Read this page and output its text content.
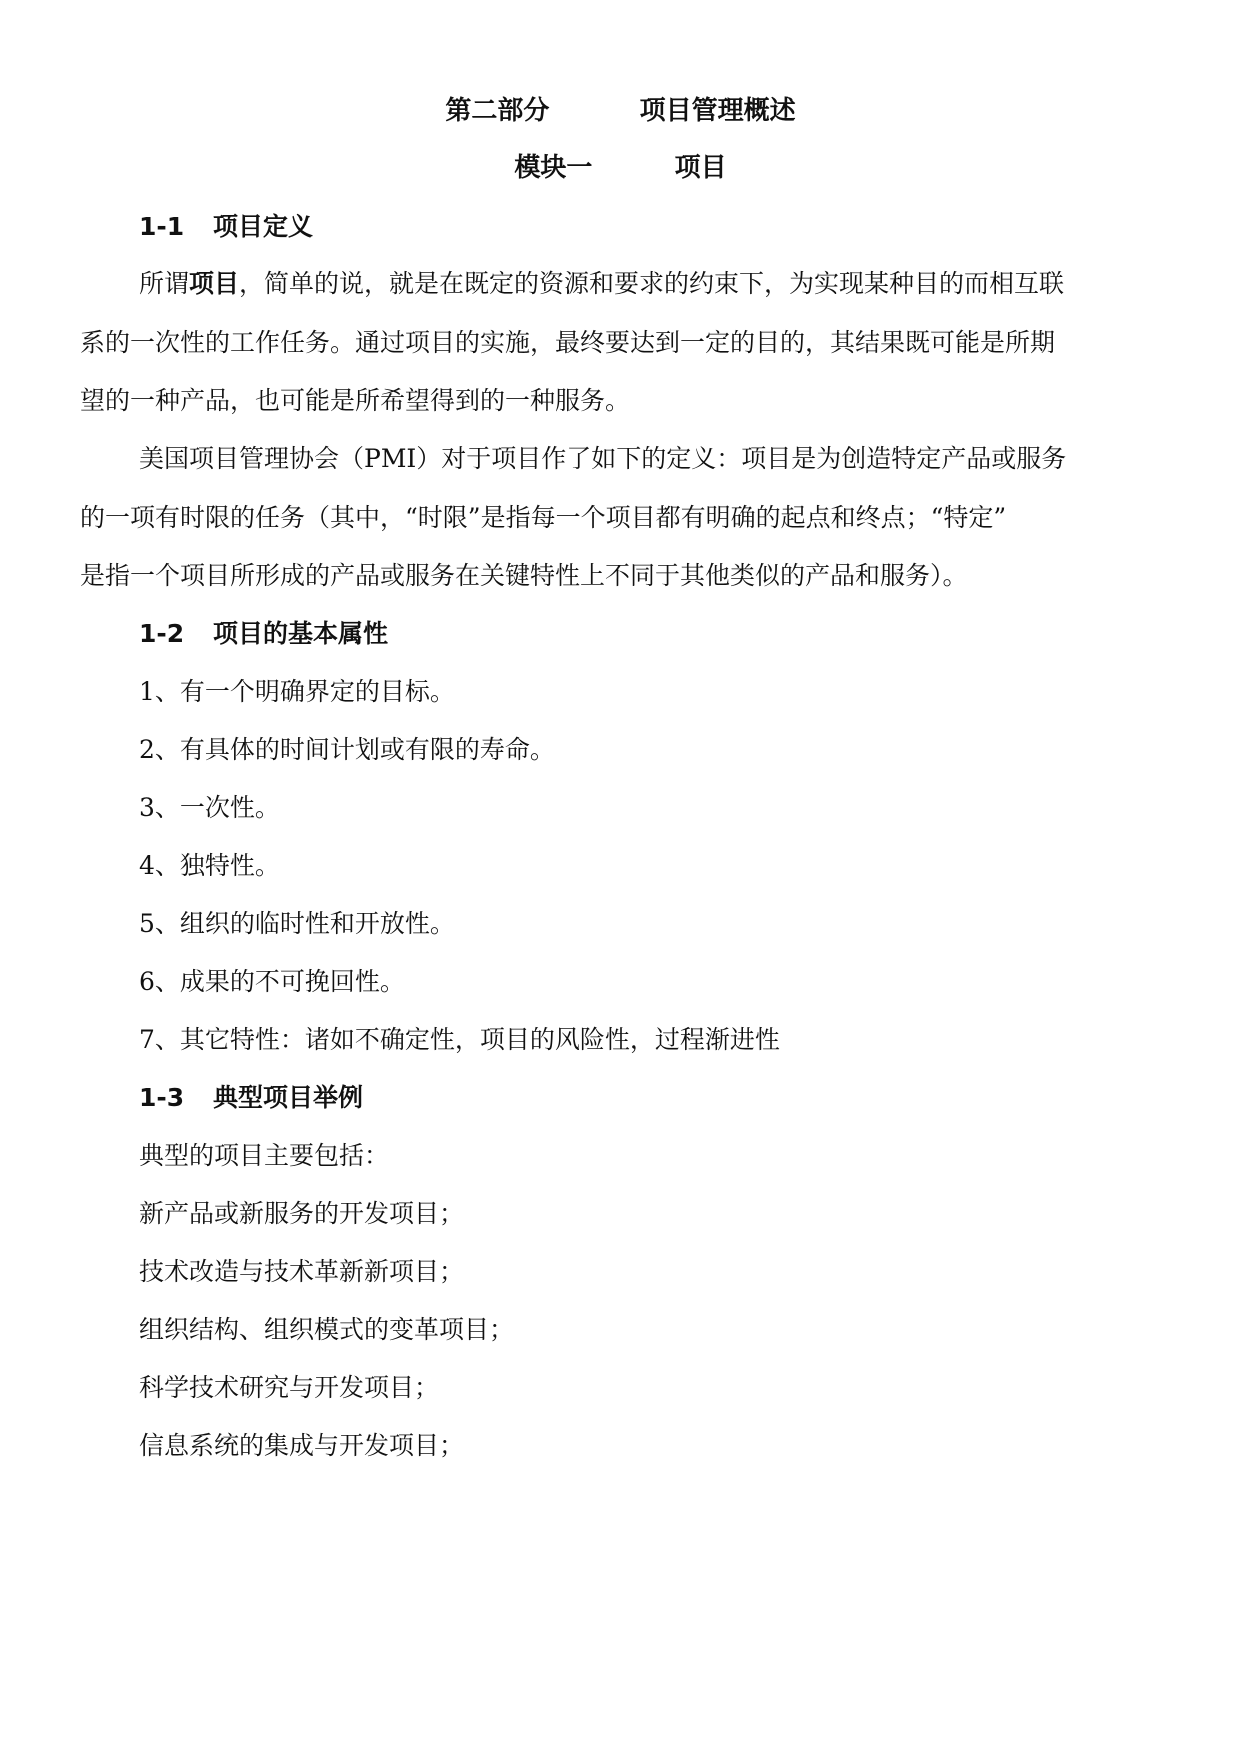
第二部分	项目管理概述
模块一	项目
1-1 项目定义
所谓项目，简单的说，就是在既定的资源和要求的约束下，为实现某种目的而相互联
系的一次性的工作任务。通过项目的实施，最终要达到一定的目的，其结果既可能是所期
望的一种产品，也可能是所希望得到的一种服务。
美国项目管理协会（PMI）对于项目作了如下的定义：项目是为创造特定产品或服务
的一项有时限的任务（其中，“时限”是指每一个项目都有明确的起点和终点；“特定”
是指一个项目所形成的产品或服务在关键特性上不同于其他类似的产品和服务）。
1-2 项目的基本属性
1、有一个明确界定的目标。
2、有具体的时间计划或有限的寿命。
3、一次性。
4、独特性。
5、组织的临时性和开放性。
6、成果的不可挽回性。
7、其它特性：诸如不确定性，项目的风险性，过程渐进性
1-3 典型项目举例
典型的项目主要包括：
新产品或新服务的开发项目；
技术改造与技术革新新项目；
组织结构、组织模式的变革项目；
科学技术研究与开发项目；
信息系统的集成与开发项目；
